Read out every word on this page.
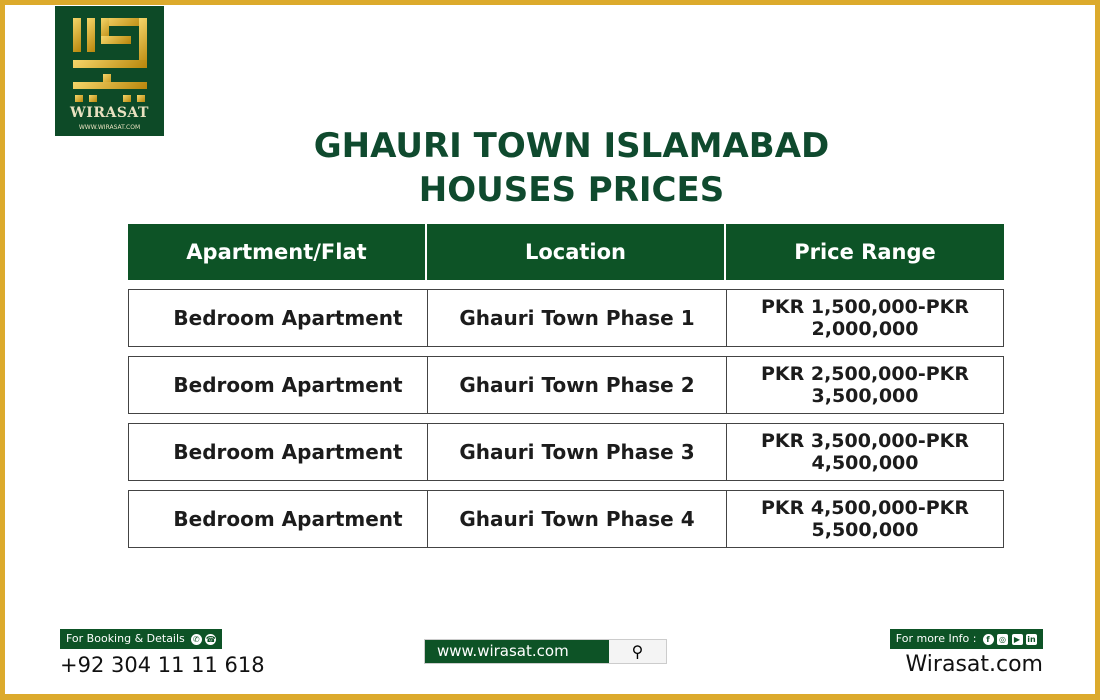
WIRASAT
WWW.WIRASAT.COM	GHAURI TOWN ISLAMABAD
HOUSES PRICES
Apartment/Flat	Location	Price Range
Bedroom Apartment	Ghauri Town Phase 1	PKR 1,500,000-PKR
2,000,000
Bedroom Apartment	Ghauri Town Phase 2	PKR 2,500,000-PKR
3,500,000
Bedroom Apartment	Ghauri Town Phase 3	PKR 3,500,000-PKR
4,500,000
Bedroom Apartment	Ghauri Town Phase 4	PKR 4,500,000-PKR
5,500,000
For Booking & Details ✆ ☎
+92 304 11 11 618
www.wirasat.com	⚲
For more Info :	f ◎ ▶ in
Wirasat.com
